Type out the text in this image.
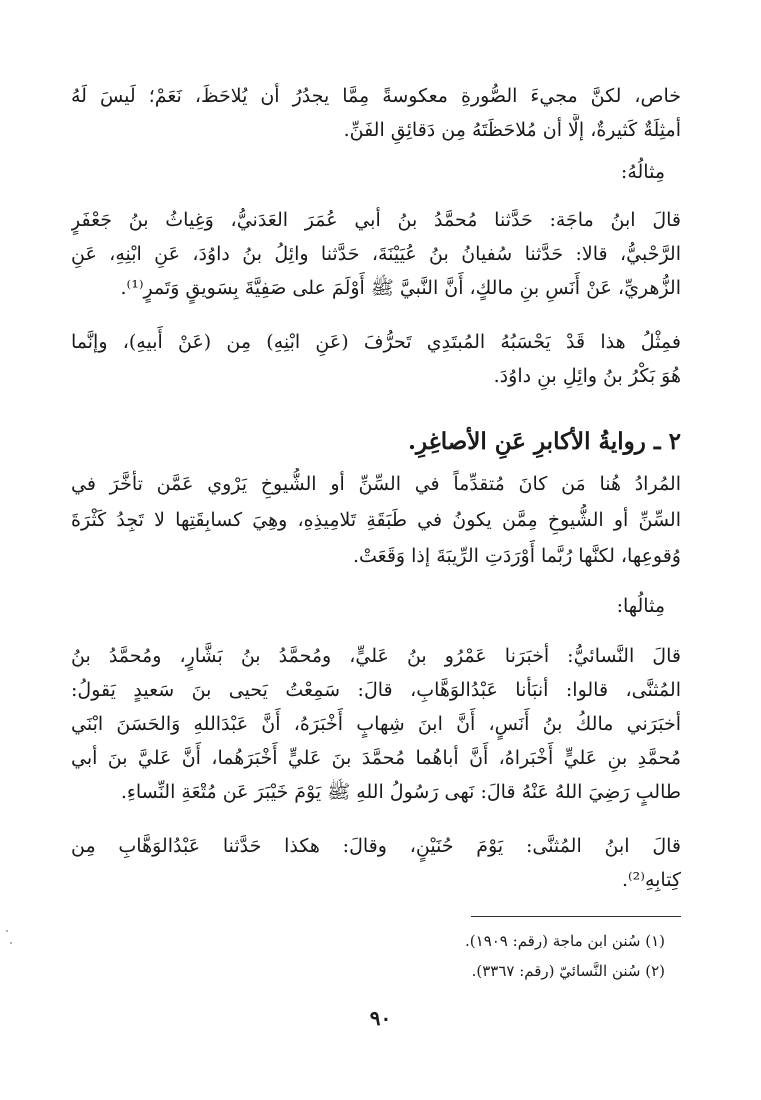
خاص، لكنَّ مجيءَ الصُّورةِ معكوسةً مِمَّا يجدُرُ أن يُلاحَظَ، نَعَمْ؛ لَيسَ لَهُ
أمثِلَةٌ كَثيرةٌ، إلَّا أن مُلاحَظَتَهُ مِن دَقائِقِ الفَنِّ.
مِثالُهُ:
قالَ ابنُ ماجَة: حَدَّثنا مُحمَّدُ بنُ أبي عُمَرَ العَدَنيُّ، وَغِياثُ بنُ جَعْفَرٍ
الرَّحْبيُّ، قالا: حَدَّثنا سُفيانُ بنُ عُيَيْنَةَ، حَدَّثنا وائِلُ بنُ داوُدَ، عَنِ ابْنِهِ، عَنِ
الزُّهريِّ، عَنْ أَنَسِ بنِ مالكٍ، أَنَّ النَّبيَّ ﷺ أَوْلَمَ على صَفِيَّةَ بِسَويقٍ وَتَمرٍ⁽¹⁾.
فمِثْلُ هذا قَدْ يَحْسَبُهُ المُبتَدِي تَحرُّفَ (عَنِ ابْنِهِ) مِن (عَنْ أَبيهِ)، وإنَّما
هُوَ بَكْرُ بنُ وائِلِ بنِ داوُدَ.
٢ ـ روايةُ الأكابرِ عَنِ الأصاغِرِ.
المُرادُ هُنا مَن كانَ مُتقدِّماً في السِّنِّ أو الشُّيوخِ يَرْوي عَمَّن تأخَّرَ في
السِّنِّ أو الشُّيوخِ مِمَّن يكونُ في طَبَقَةِ تَلامِيذِهِ، وهِيَ كسابِقَتِها لا تَجِدُ كَثْرَةَ
وُقوعِها، لكنَّها رُبَّما أَوْرَدَتِ الرِّيبَةَ إذا وَقَعَتْ.
مِثالُها:
قالَ النَّسائيُّ: أخبَرَنا عَمْرُو بنُ عَليٍّ، ومُحمَّدُ بنُ بَشَّارٍ، ومُحمَّدُ بنُ
المُثنَّى، قالوا: أنبَأنا عَبْدُالوَهَّابِ، قالَ: سَمِعْتُ يَحيى بنَ سَعيدٍ يَقولُ:
أخبَرَني مالكُ بنُ أَنَسٍ، أَنَّ ابنَ شِهابٍ أَخْبَرَهُ، أَنَّ عَبْدَاللهِ وَالحَسَنَ ابْنَي
مُحمَّدِ بنِ عَليٍّ أَخْبَراهُ، أَنَّ أباهُما مُحمَّدَ بنَ عَليٍّ أَخْبَرَهُما، أَنَّ عَليَّ بنَ أبي
طالبٍ رَضِيَ اللهُ عَنْهُ قالَ: نَهى رَسُولُ اللهِ ﷺ يَوْمَ خَيْبَرَ عَن مُتْعَةِ النِّساءِ.
قالَ ابنُ المُثنَّى: يَوْمَ حُنَيْنٍ، وقالَ: هكذا حَدَّثنا عَبْدُالوَهَّابِ مِن
كِتابِهِ⁽²⁾.
(١) سُنن ابن ماجة (رقم: ١٩٠٩).
(٢) سُنن النَّسائيّ (رقم: ٣٣٦٧).
٩٠
